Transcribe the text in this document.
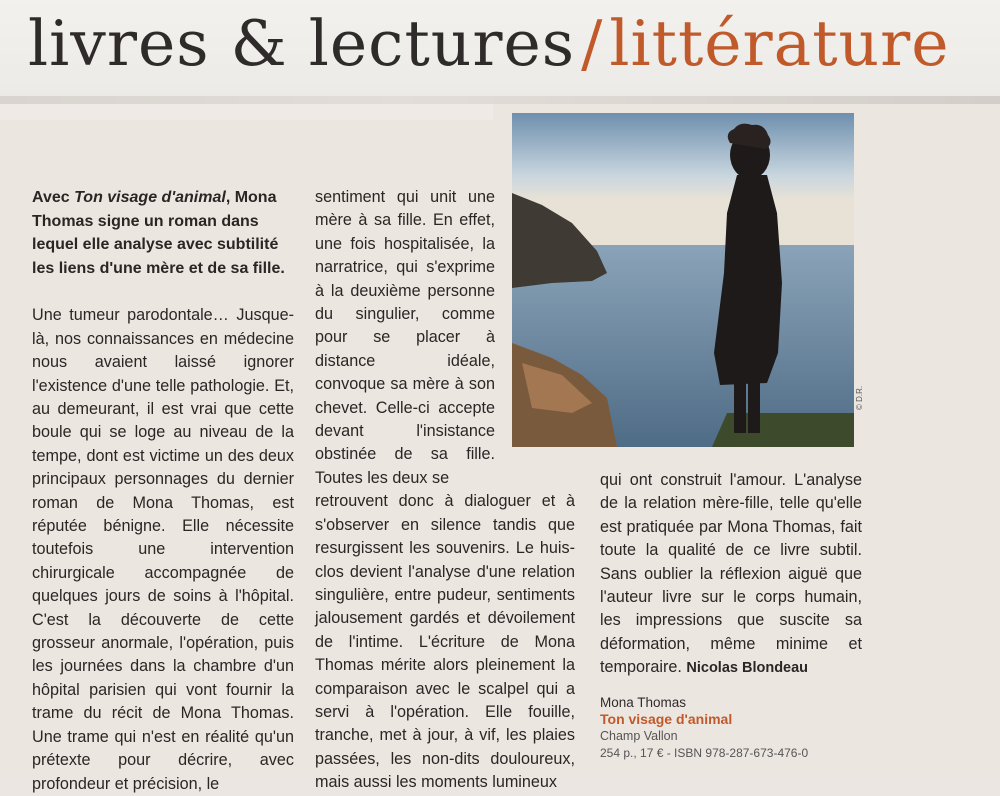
livres & lectures/littérature

Avec Ton visage d'animal, Mona Thomas signe un roman dans lequel elle analyse avec subtilité les liens d'une mère et de sa fille.

Une tumeur parodontale… Jusque-là, nos connaissances en médecine nous avaient laissé ignorer l'existence d'une telle pathologie. Et, au demeurant, il est vrai que cette boule qui se loge au niveau de la tempe, dont est victime un des deux principaux personnages du dernier roman de Mona Thomas, est réputée bénigne. Elle nécessite toutefois une intervention chirurgicale accompagnée de quelques jours de soins à l'hôpital. C'est la découverte de cette grosseur anormale, l'opération, puis les journées dans la chambre d'un hôpital parisien qui vont fournir la trame du récit de Mona Thomas. Une trame qui n'est en réalité qu'un prétexte pour décrire, avec profondeur et précision, le

sentiment qui unit une mère à sa fille. En effet, une fois hospitalisée, la narratrice, qui s'exprime à la deuxième personne du singulier, comme pour se placer à distance idéale, convoque sa mère à son chevet. Celle-ci accepte devant l'insistance obstinée de sa fille. Toutes les deux se

retrouvent donc à dialoguer et à s'observer en silence tandis que resurgissent les souvenirs. Le huis-clos devient l'analyse d'une relation singulière, entre pudeur, sentiments jalousement gardés et dévoilement de l'intime. L'écriture de Mona Thomas mérite alors pleinement la comparaison avec le scalpel qui a servi à l'opération. Elle fouille, tranche, met à jour, à vif, les plaies passées, les non-dits douloureux, mais aussi les moments lumineux

© D.R.

qui ont construit l'amour. L'analyse de la relation mère-fille, telle qu'elle est pratiquée par Mona Thomas, fait toute la qualité de ce livre subtil. Sans oublier la réflexion aiguë que l'auteur livre sur le corps humain, les impressions que suscite sa déformation, même minime et temporaire. Nicolas Blondeau

Mona Thomas
Ton visage d'animal
Champ Vallon
254 p., 17 € - ISBN 978-287-673-476-0
